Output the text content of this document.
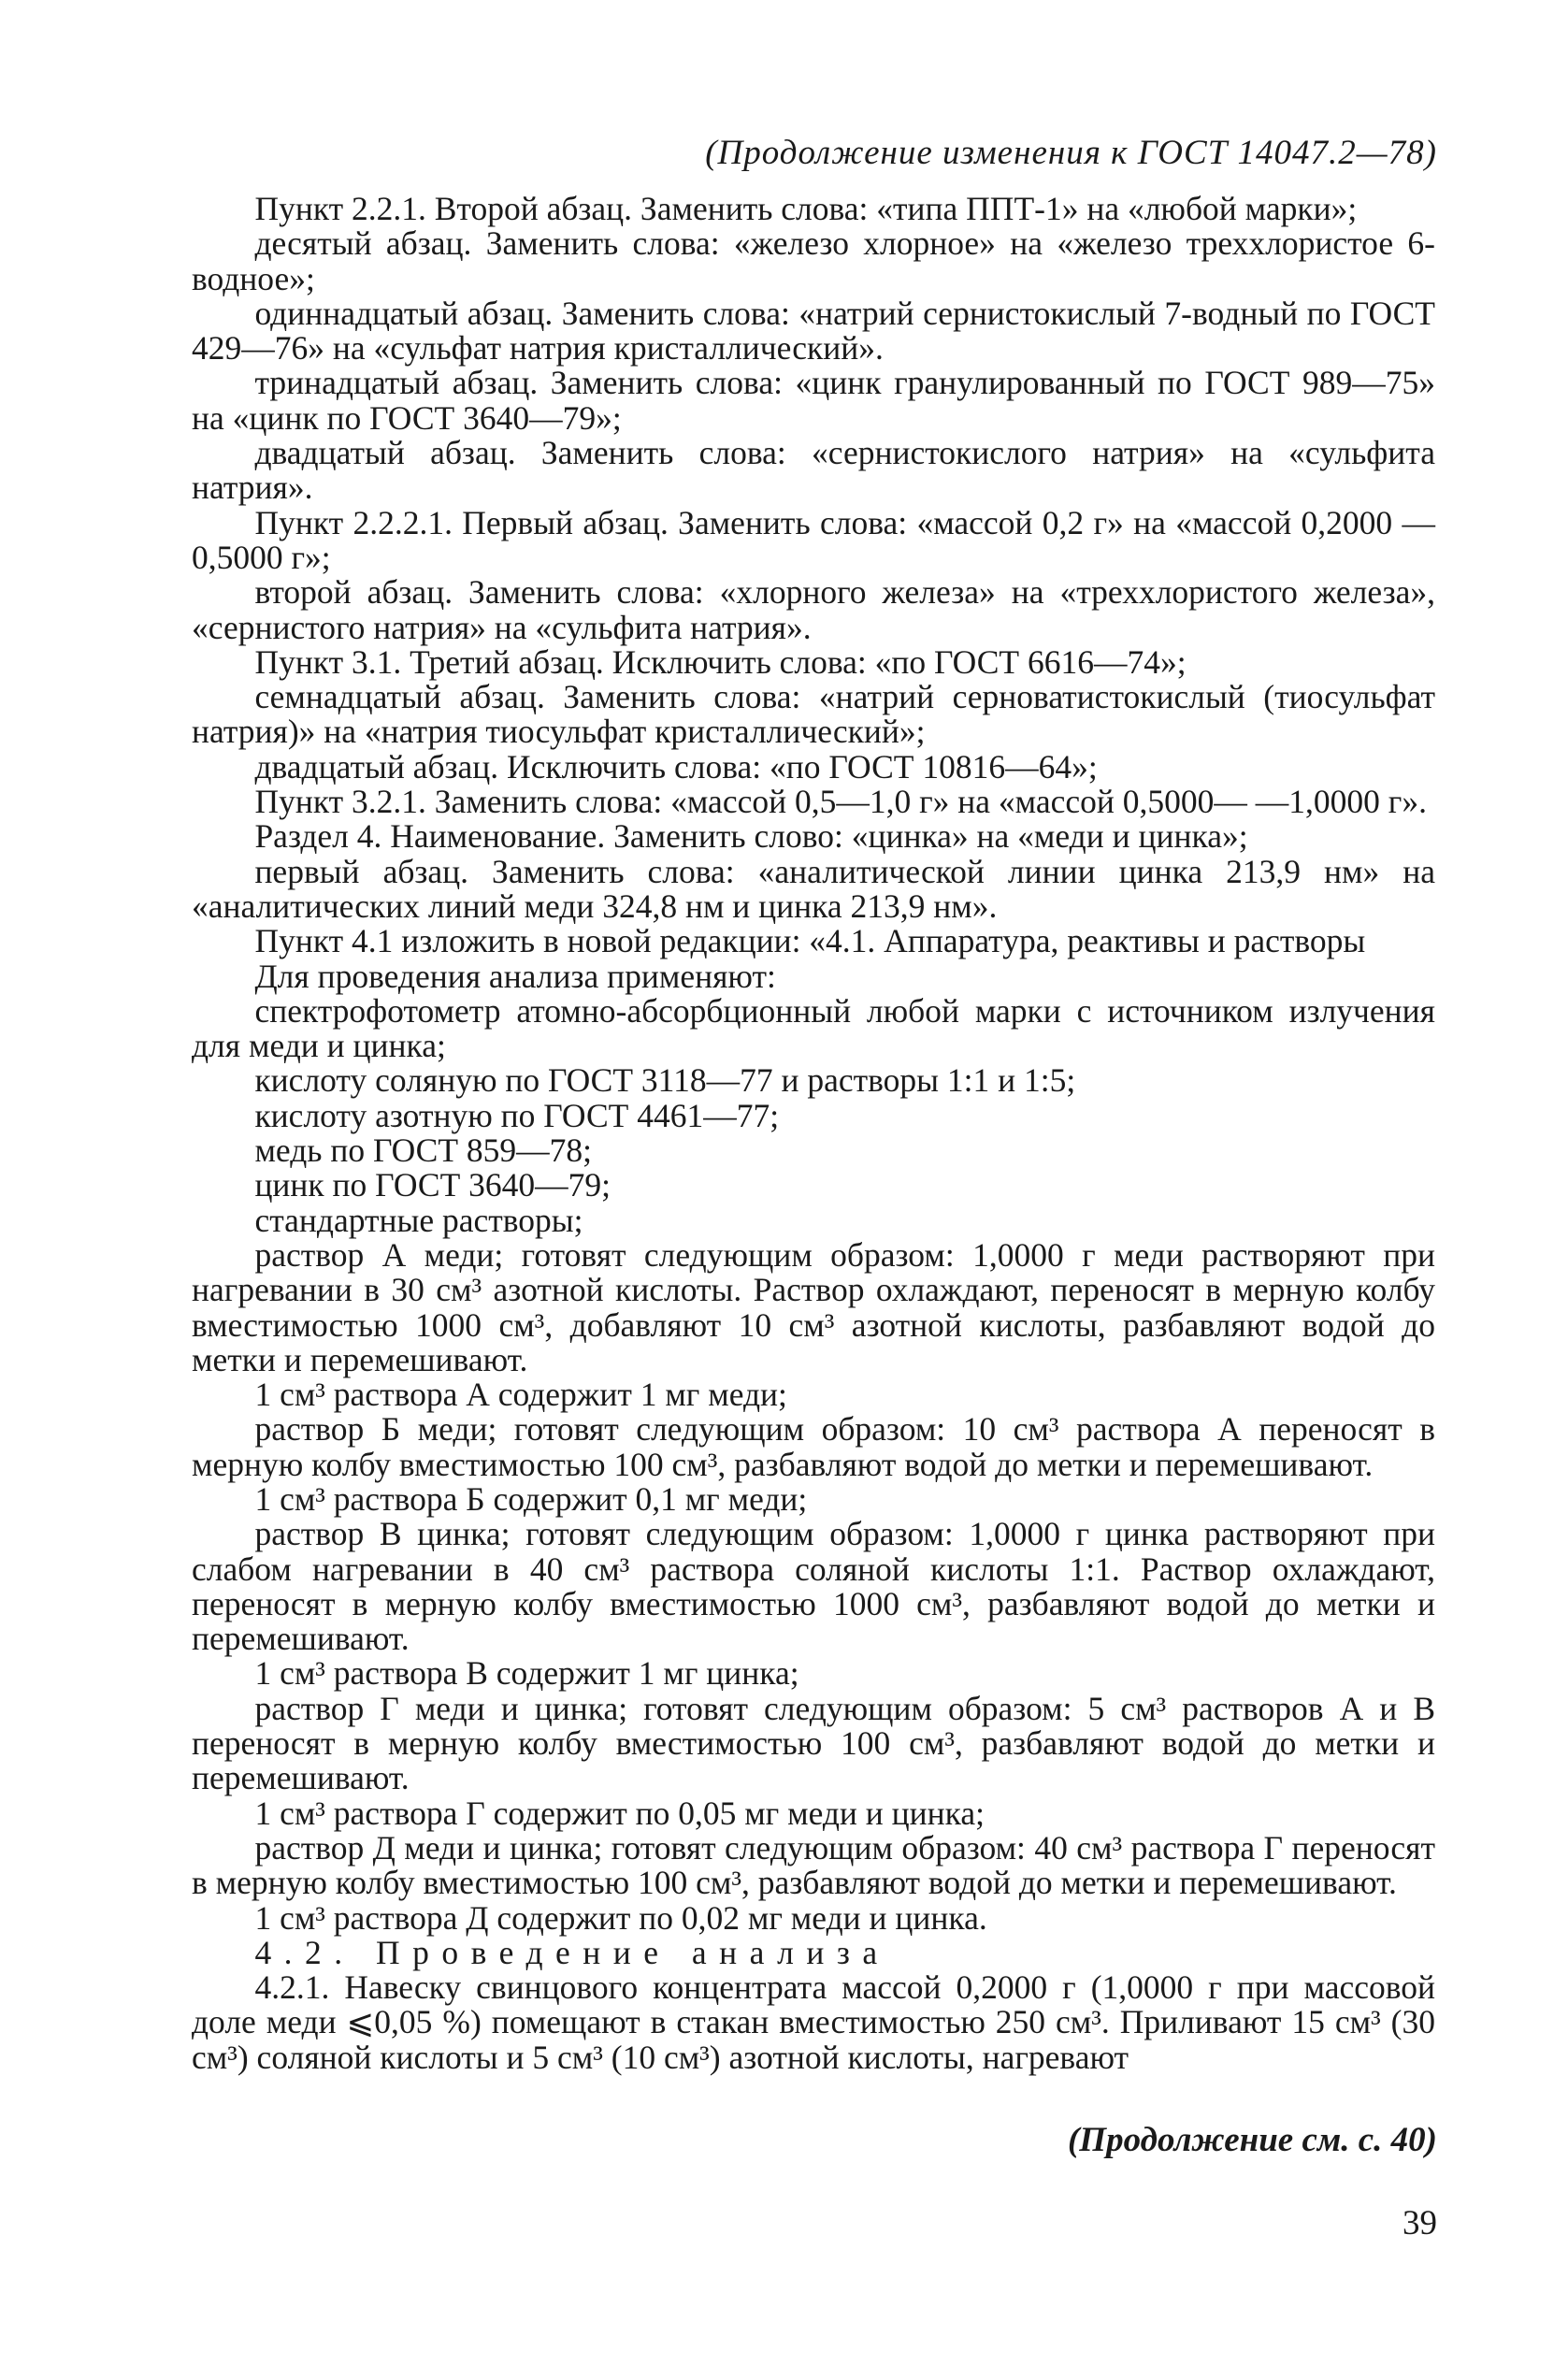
(Продолжение изменения к ГОСТ 14047.2—78)

Пункт 2.2.1. Второй абзац. Заменить слова: «типа ППТ-1» на «любой марки»;

десятый абзац. Заменить слова: «железо хлорное» на «железо треххлористое 6-водное»;

одиннадцатый абзац. Заменить слова: «натрий сернистокислый 7-водный по ГОСТ 429—76» на «сульфат натрия кристаллический».

тринадцатый абзац. Заменить слова: «цинк гранулированный по ГОСТ 989—75» на «цинк по ГОСТ 3640—79»;

двадцатый абзац. Заменить слова: «сернистокислого натрия» на «сульфита натрия».

Пункт 2.2.2.1. Первый абзац. Заменить слова: «массой 0,2 г» на «массой 0,2000 — 0,5000 г»;

второй абзац. Заменить слова: «хлорного железа» на «треххлористого железа», «сернистого натрия» на «сульфита натрия».

Пункт 3.1. Третий абзац. Исключить слова: «по ГОСТ 6616—74»;

семнадцатый абзац. Заменить слова: «натрий серноватистокислый (тиосульфат натрия)» на «натрия тиосульфат кристаллический»;

двадцатый абзац. Исключить слова: «по ГОСТ 10816—64»;

Пункт 3.2.1. Заменить слова: «массой 0,5—1,0 г» на «массой 0,5000— —1,0000 г».

Раздел 4. Наименование. Заменить слово: «цинка» на «меди и цинка»;

первый абзац. Заменить слова: «аналитической линии цинка 213,9 нм» на «аналитических линий меди 324,8 нм и цинка 213,9 нм».

Пункт 4.1 изложить в новой редакции: «4.1. Аппаратура, реактивы и растворы

Для проведения анализа применяют:

спектрофотометр атомно-абсорбционный любой марки с источником излучения для меди и цинка;

кислоту соляную по ГОСТ 3118—77 и растворы 1:1 и 1:5;

кислоту азотную по ГОСТ 4461—77;

медь по ГОСТ 859—78;

цинк по ГОСТ 3640—79;

стандартные растворы;

раствор А меди; готовят следующим образом: 1,0000 г меди растворяют при нагревании в 30 см³ азотной кислоты. Раствор охлаждают, переносят в мерную колбу вместимостью 1000 см³, добавляют 10 см³ азотной кислоты, разбавляют водой до метки и перемешивают.

1 см³ раствора А содержит 1 мг меди;

раствор Б меди; готовят следующим образом: 10 см³ раствора А переносят в мерную колбу вместимостью 100 см³, разбавляют водой до метки и перемешивают.

1 см³ раствора Б содержит 0,1 мг меди;

раствор В цинка; готовят следующим образом: 1,0000 г цинка растворяют при слабом нагревании в 40 см³ раствора соляной кислоты 1:1. Раствор охлаждают, переносят в мерную колбу вместимостью 1000 см³, разбавляют водой до метки и перемешивают.

1 см³ раствора В содержит 1 мг цинка;

раствор Г меди и цинка; готовят следующим образом: 5 см³ растворов А и В переносят в мерную колбу вместимостью 100 см³, разбавляют водой до метки и перемешивают.

1 см³ раствора Г содержит по 0,05 мг меди и цинка;

раствор Д меди и цинка; готовят следующим образом: 40 см³ раствора Г переносят в мерную колбу вместимостью 100 см³, разбавляют водой до метки и перемешивают.

1 см³ раствора Д содержит по 0,02 мг меди и цинка.

4.2. Проведение анализа

4.2.1. Навеску свинцового концентрата массой 0,2000 г (1,0000 г при массовой доле меди ⩽0,05 %) помещают в стакан вместимостью 250 см³. Приливают 15 см³ (30 см³) соляной кислоты и 5 см³ (10 см³) азотной кислоты, нагревают

(Продолжение см. с. 40)
39
